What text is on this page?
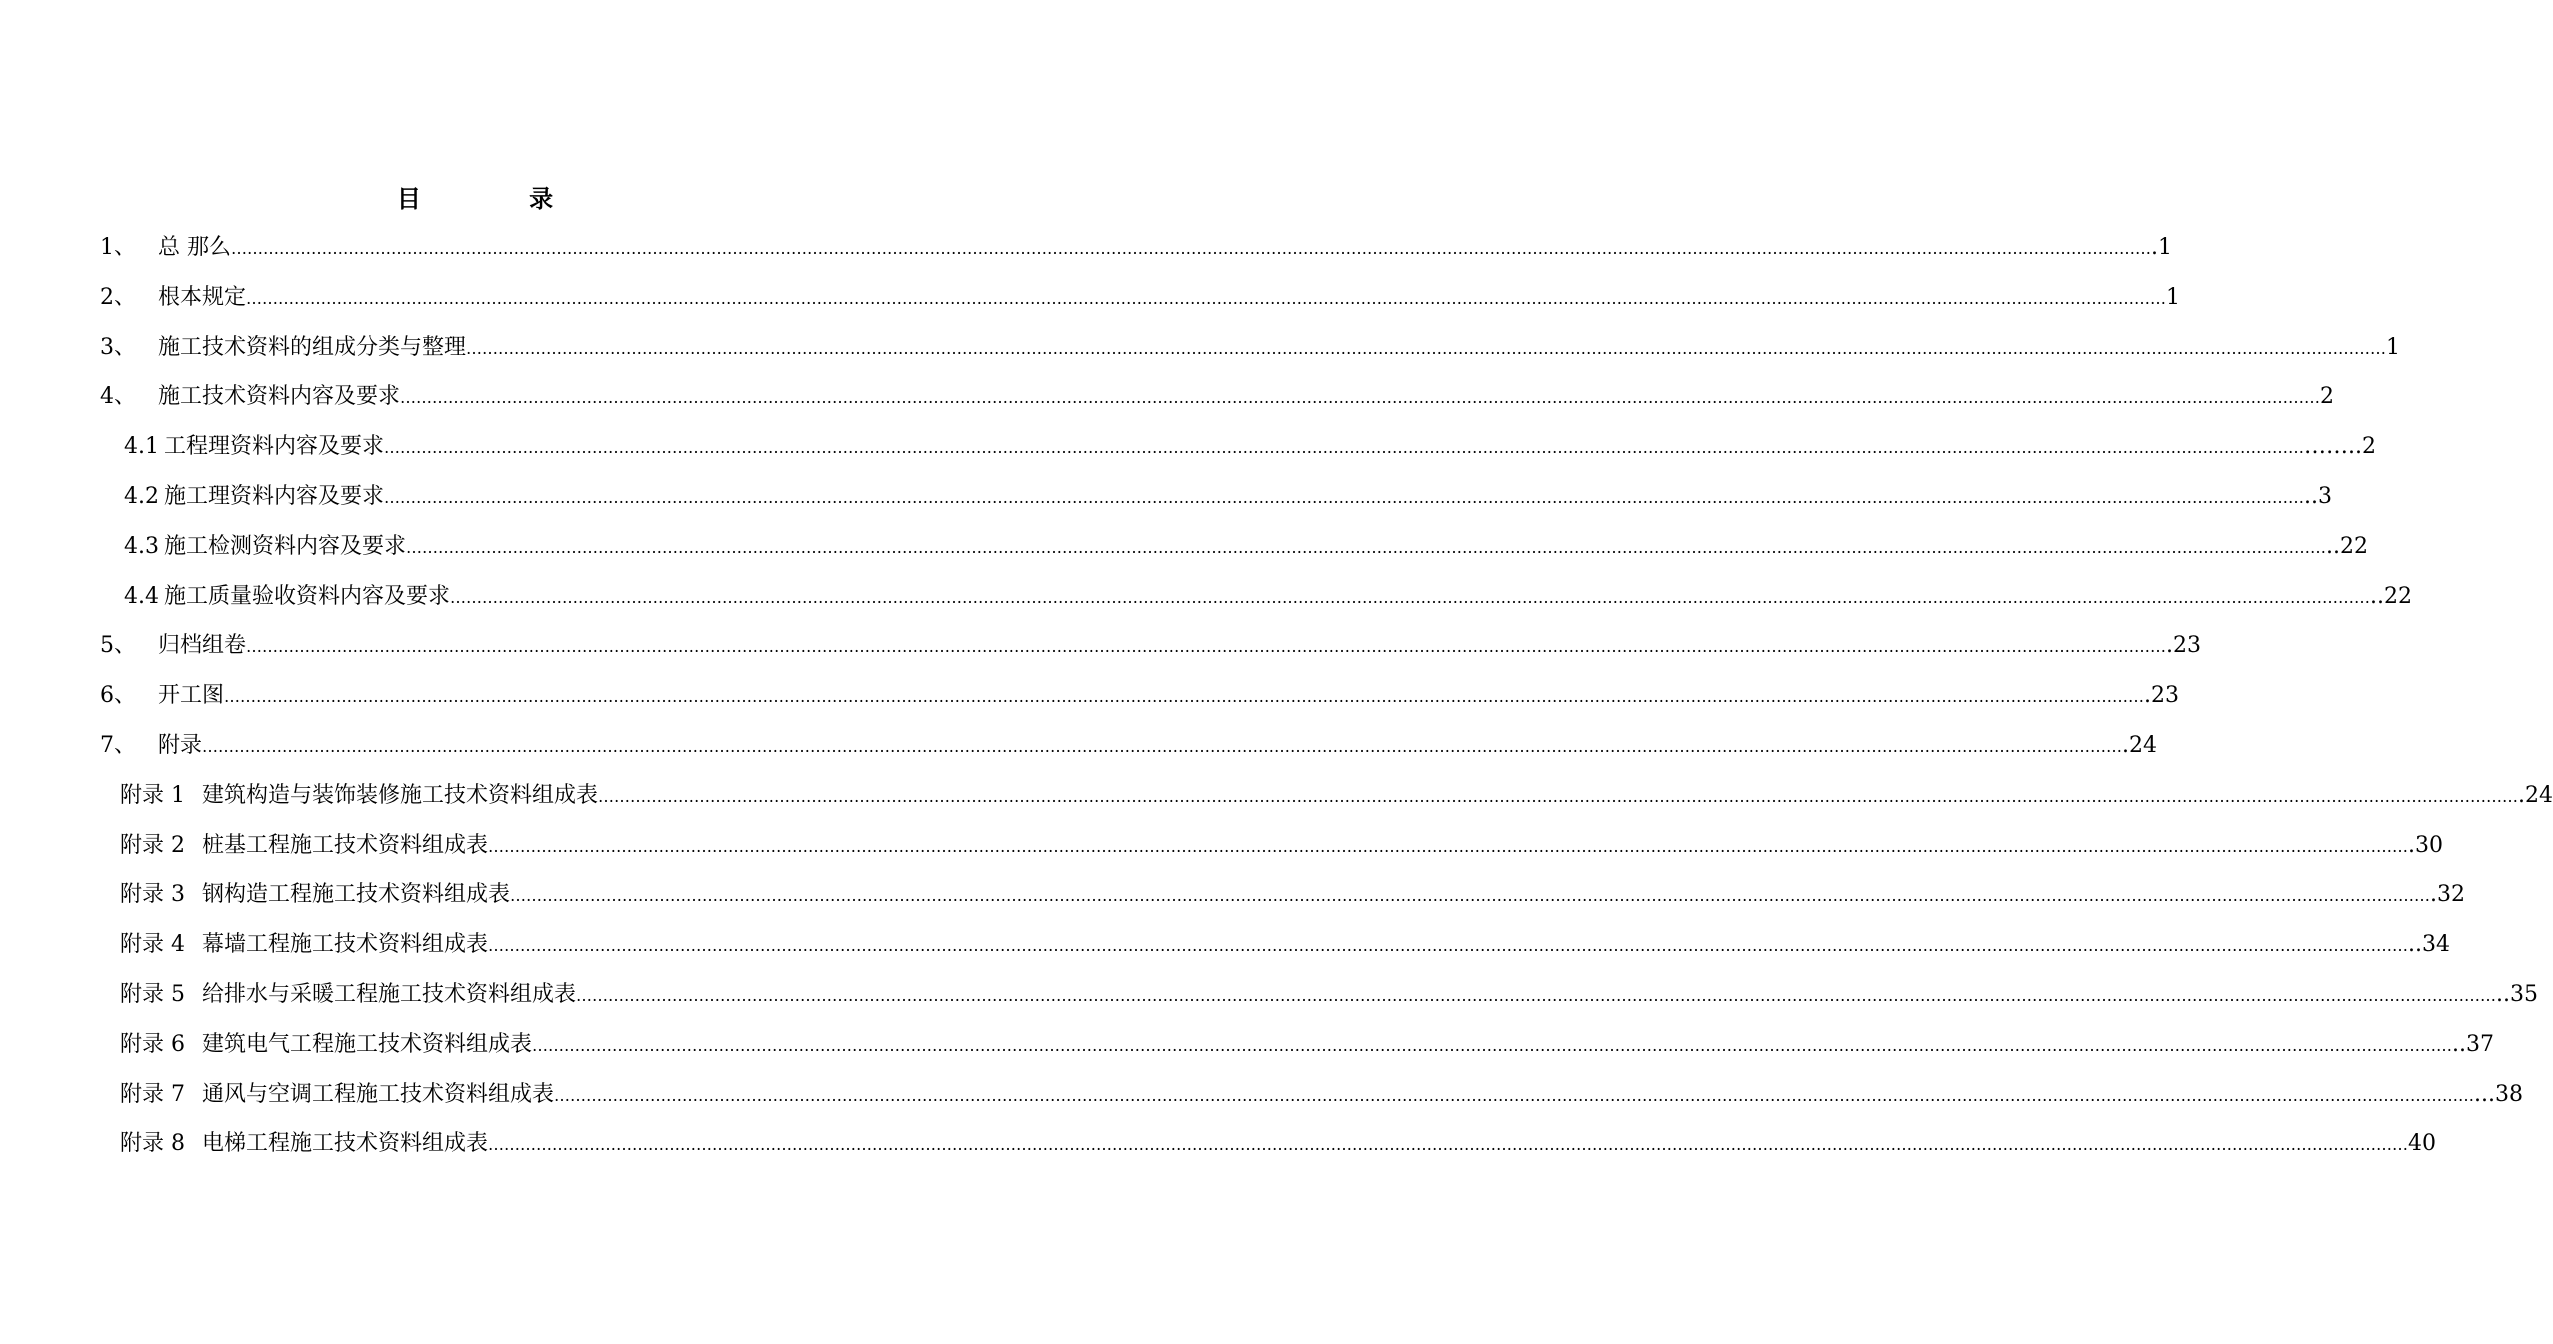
目 录
1、	总 那么 ……………………………………………………………………………………………………………………………………………………………………………………………………………………………………………………………………………………………………………………………… .1
2、	根本规定 ……………………………………………………………………………………………………………………………………………………………………………………………………………………………………………………………………………………………………………………………… 1
3、	施工技术资料的组成分类与整理 ……………………………………………………………………………………………………………………………………………………………………………………………………………………………………………………………………………………………………………………………… 1
4、	施工技术资料内容及要求 ……………………………………………………………………………………………………………………………………………………………………………………………………………………………………………………………………………………………………………………………… 2
4.1 工程理资料内容及要求 ……………………………………………………………………………………………………………………………………………………………………………………………………………………………………………………………………………………………………………………………… ……..2
4.2 施工理资料内容及要求 ……………………………………………………………………………………………………………………………………………………………………………………………………………………………………………………………………………………………………………………………… ..3
4.3 施工检测资料内容及要求 ……………………………………………………………………………………………………………………………………………………………………………………………………………………………………………………………………………………………………………………………… ..22
4.4 施工质量验收资料内容及要求 ……………………………………………………………………………………………………………………………………………………………………………………………………………………………………………………………………………………………………………………………… ..22
5、	归档组卷 ……………………………………………………………………………………………………………………………………………………………………………………………………………………………………………………………………………………………………………………………… .23
6、	开工图 ……………………………………………………………………………………………………………………………………………………………………………………………………………………………………………………………………………………………………………………………… .23
7、	附录 ……………………………………………………………………………………………………………………………………………………………………………………………………………………………………………………………………………………………………………………………… .24
附录 1 建筑构造与装饰装修施工技术资料组成表 ……………………………………………………………………………………………………………………………………………………………………………………………………………………………………………………………………………………………………………………………… .24
附录 2 桩基工程施工技术资料组成表 ……………………………………………………………………………………………………………………………………………………………………………………………………………………………………………………………………………………………………………………………… .30
附录 3 钢构造工程施工技术资料组成表 ……………………………………………………………………………………………………………………………………………………………………………………………………………………………………………………………………………………………………………………………… .32
附录 4 幕墙工程施工技术资料组成表 ……………………………………………………………………………………………………………………………………………………………………………………………………………………………………………………………………………………………………………………………… ..34
附录 5 给排水与采暖工程施工技术资料组成表 ……………………………………………………………………………………………………………………………………………………………………………………………………………………………………………………………………………………………………………………………… ..35
附录 6 建筑电气工程施工技术资料组成表 ……………………………………………………………………………………………………………………………………………………………………………………………………………………………………………………………………………………………………………………………… ..37
附录 7 通风与空调工程施工技术资料组成表 ……………………………………………………………………………………………………………………………………………………………………………………………………………………………………………………………………………………………………………………………… ...38
附录 8 电梯工程施工技术资料组成表 ……………………………………………………………………………………………………………………………………………………………………………………………………………………………………………………………………………………………………………………………… 40
